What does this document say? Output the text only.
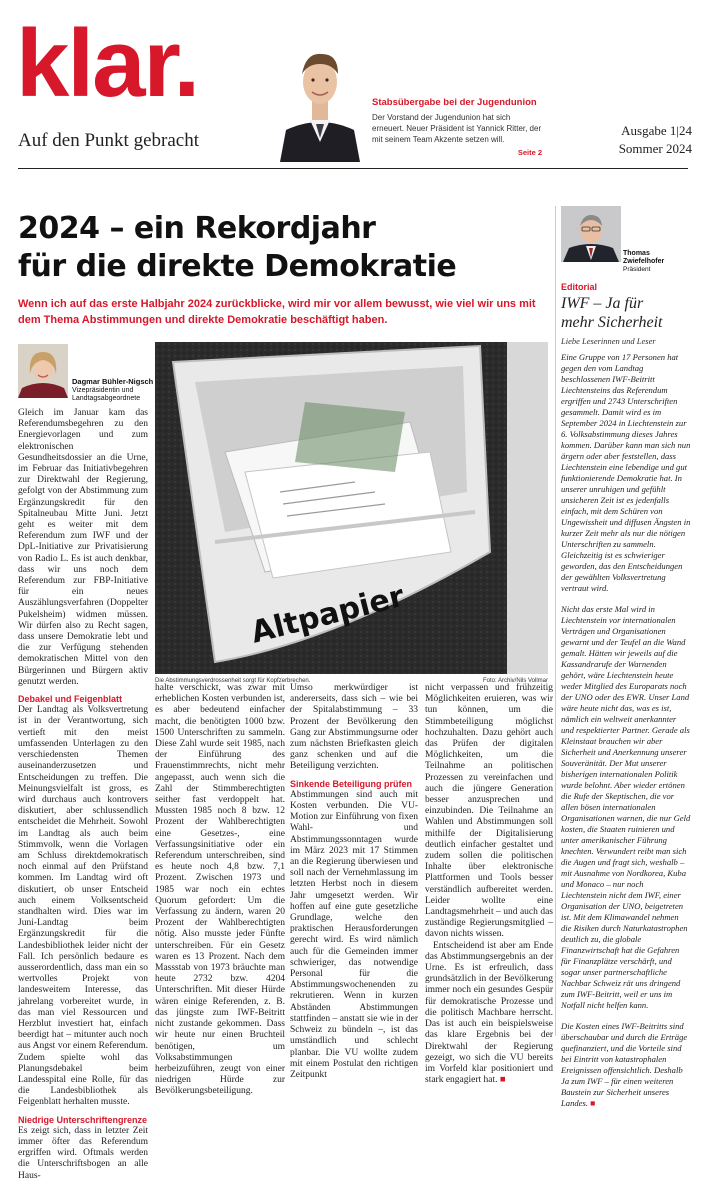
klar.
Auf den Punkt gebracht
Stabsübergabe bei der Jugendunion
Der Vorstand der Jugendunion hat sich erneuert. Neuer Präsident ist Yannick Ritter, der mit seinem Team Akzente setzen will.
Seite 2
Ausgabe 1|24
Sommer 2024
2024 – ein Rekordjahr
für die direkte Demokratie
Wenn ich auf das erste Halbjahr 2024 zurückblicke, wird mir vor allem bewusst, wie viel wir uns mit dem Thema Abstimmungen und direkte Demokratie beschäftigt haben.
Dagmar Bühler-Nigsch
Vizepräsidentin und
Landtagsabgeordnete

Gleich im Januar kam das Referendumsbegehren zu den Energievorlagen und zum elektronischen Gesundheitsdossier an die Urne, im Februar das Initiativbegehren zur Direktwahl der Regierung, gefolgt von der Abstimmung zum Ergänzungskredit für den Spitalneubau Mitte Juni. Jetzt geht es weiter mit dem Referendum zum IWF und der DpL-Initiative zur Privatisierung von Radio L. Es ist auch denkbar, dass wir uns noch dem Referendum zur FBP-Initiative für ein neues Auszählungsverfahren (Doppelter Pukelsheim) widmen müssen. Wir dürfen also zu Recht sagen, dass unsere Demokratie lebt und die zur Verfügung stehenden demokratischen Mittel von den Bürgerinnen und Bürgern aktiv genutzt werden.

Debakel und Feigenblatt

Der Landtag als Volksvertretung ist in der Verantwortung, sich vertieft mit den meist umfassenden Unterlagen zu den verschiedensten Themen auseinanderzusetzen und Entscheidungen zu treffen. Die Meinungsvielfalt ist gross, es wird durchaus auch kontrovers diskutiert, aber schlussendlich entscheidet die Mehrheit. Sowohl im Landtag als auch beim Stimmvolk, wenn die Vorlagen am Schluss direktdemokratisch noch einmal auf den Prüfstand kommen. Im Landtag wird oft diskutiert, ob unser Entscheid auch einem Volksentscheid standhalten wird. Dies war im Juni-Landtag beim Ergänzungskredit für die Landesbibliothek leider nicht der Fall. Ich persönlich bedaure es ausserordentlich, dass man ein so wertvolles Projekt von landesweitem Interesse, das jahrelang vorbereitet wurde, in das man viel Ressourcen und Herzblut investiert hat, einfach beerdigt hat – mitunter auch noch aus Angst vor einem Referendum. Zudem spielte wohl das Planungsdebakel beim Landesspital eine Rolle, für das die Landesbibliothek als Feigenblatt herhalten musste.

Niedrige Unterschriftengrenze

Es zeigt sich, dass in letzter Zeit immer öfter das Referendum ergriffen wird. Oftmals werden die Unterschriftsbogen an alle Haus-

Altpapier
Die Abstimmungsverdrossenheit sorgt für Kopfzerbrechen.	Foto: Archiv/Nils Vollmar

halte verschickt, was zwar mit erheblichen Kosten verbunden ist, es aber bedeutend einfacher macht, die benötigten 1000 bzw. 1500 Unterschriften zu sammeln. Diese Zahl wurde seit 1985, nach der Einführung des Frauenstimmrechts, nicht mehr angepasst, auch wenn sich die Zahl der Stimmberechtigten seither fast verdoppelt hat. Mussten 1985 noch 8 bzw. 12 Prozent der Wahlberechtigten eine Gesetzes-, eine Verfassungsinitiative oder ein Referendum unterschreiben, sind es heute noch 4,8 bzw. 7,1 Prozent. Zwischen 1973 und 1985 war noch ein echtes Quorum gefordert: Um die Verfassung zu ändern, waren 20 Prozent der Wahlberechtigten nötig. Also musste jeder Fünfte unterschreiben. Für ein Gesetz waren es 13 Prozent. Nach dem Massstab von 1973 bräuchte man heute 2732 bzw. 4204 Unterschriften. Mit dieser Hürde wären einige Referenden, z. B. das jüngste zum IWF-Beitritt nicht zustande gekommen. Dass wir heute nur einen Bruchteil benötigen, um Volksabstimmungen herbeizuführen, zeugt von einer niedrigen Hürde zur Bevölkerungsbeteiligung.

Umso merkwürdiger ist andererseits, dass sich – wie bei der Spitalabstimmung – 33 Prozent der Bevölkerung den Gang zur Abstimmungsurne oder zum nächsten Briefkasten gleich ganz schenken und auf die Beteiligung verzichten.

Sinkende Beteiligung prüfen

Abstimmungen sind auch mit Kosten verbunden. Die VU-Motion zur Einführung von fixen Wahl- und Abstimmungssonntagen wurde im März 2023 mit 17 Stimmen an die Regierung überwiesen und soll nach der Vernehmlassung im letzten Herbst noch in diesem Jahr umgesetzt werden. Wir hoffen auf eine gute gesetzliche Grundlage, welche den praktischen Herausforderungen gerecht wird. Es wird nämlich auch für die Gemeinden immer schwieriger, das notwendige Personal für die Abstimmungswochenenden zu rekrutieren. Wenn in kurzen Abständen Abstimmungen stattfinden – anstatt sie wie in der Schweiz zu bündeln –, ist das umständlich und schlecht planbar. Die VU wollte zudem mit einem Postulat den richtigen Zeitpunkt

nicht verpassen und frühzeitig Möglichkeiten eruieren, was wir tun können, um die Stimmbeteiligung möglichst hochzuhalten. Dazu gehört auch das Prüfen der digitalen Möglichkeiten, um die Teilnahme an politischen Prozessen zu vereinfachen und auch die jüngere Generation besser anzusprechen und einzubinden. Die Teilnahme an Wahlen und Abstimmungen soll mithilfe der Digitalisierung deutlich einfacher gestaltet und zudem sollen die politischen Inhalte über elektronische Plattformen und Tools besser verständlich aufbereitet werden. Leider wollte eine Landtagsmehrheit – und auch das zuständige Regierungsmitglied – davon nichts wissen.

Entscheidend ist aber am Ende das Abstimmungsergebnis an der Urne. Es ist erfreulich, dass grundsätzlich in der Bevölkerung immer noch ein gesundes Gespür für demokratische Prozesse und die politisch Machbare herrscht. Das ist auch ein beispielsweise das klare Ergebnis bei der Direktwahl der Regierung gezeigt, wo sich die VU bereits im Vorfeld klar positioniert und stark engagiert hat. ■

Thomas Zwiefelhofer
Präsident
Editorial
IWF – Ja für
mehr Sicherheit
Liebe Leserinnen und Leser

Eine Gruppe von 17 Personen hat gegen den vom Landtag beschlossenen IWF-Beitritt Liechtensteins das Referendum ergriffen und 2743 Unterschriften gesammelt. Damit wird es im September 2024 in Liechtenstein zur 6. Volksabstimmung dieses Jahres kommen. Darüber kann man sich nun ärgern oder aber feststellen, dass Liechtenstein eine lebendige und gut funktionierende Demokratie hat. In unserer unruhigen und gefühlt unsicheren Zeit ist es jedenfalls einfach, mit dem Schüren von Ungewissheit und diffusen Ängsten in kurzer Zeit mehr als nur die nötigen Unterschriften zu sammeln. Gleichzeitig ist es schwieriger geworden, das den Entscheidungen der gewählten Volksvertretung vertraut wird.

Nicht das erste Mal wird in Liechtenstein vor internationalen Verträgen und Organisationen gewarnt und der Teufel an die Wand gemalt. Hätten wir jeweils auf die Kassandrarufe der Warnenden gehört, wäre Liechtenstein heute weder Mitglied des Europarats noch der UNO oder des EWR. Unser Land wäre heute nicht das, was es ist, nämlich ein weltweit anerkannter und respektierter Partner. Gerade als Kleinstaat brauchen wir aber Sicherheit und Anerkennung unserer Souveränität. Der Mut unserer bisherigen internationalen Politik wurde belohnt. Aber wieder ertönen die Rufe der Skeptischen, die vor allen bösen internationalen Organisationen warnen, die nur Geld kosten, die Staaten ruinieren und unter amerikanischer Führung knechten. Verwundert reibt man sich die Augen und fragt sich, weshalb – mit Ausnahme von Nordkorea, Kuba und Monaco – nur noch Liechtenstein nicht dem IWF, einer Organisation der UNO, beigetreten ist. Mit dem Klimawandel nehmen die Risiken durch Naturkatastrophen deutlich zu, die globale Finanzwirtschaft hat die Gefahren für Finanzplätze verschärft, und sogar unser partnerschaftliche Nachbar Schweiz rät uns dringend zum IWF-Beitritt, weil er uns im Notfall nicht helfen kann.

Die Kosten eines IWF-Beitritts sind überschaubar und durch die Erträge quefinanziert, und die Vorteile sind bei Eintritt von katastrophalen Ereignissen offensichtlich. Deshalb Ja zum IWF – für einen weiteren Baustein zur Sicherheit unseres Landes. ■
